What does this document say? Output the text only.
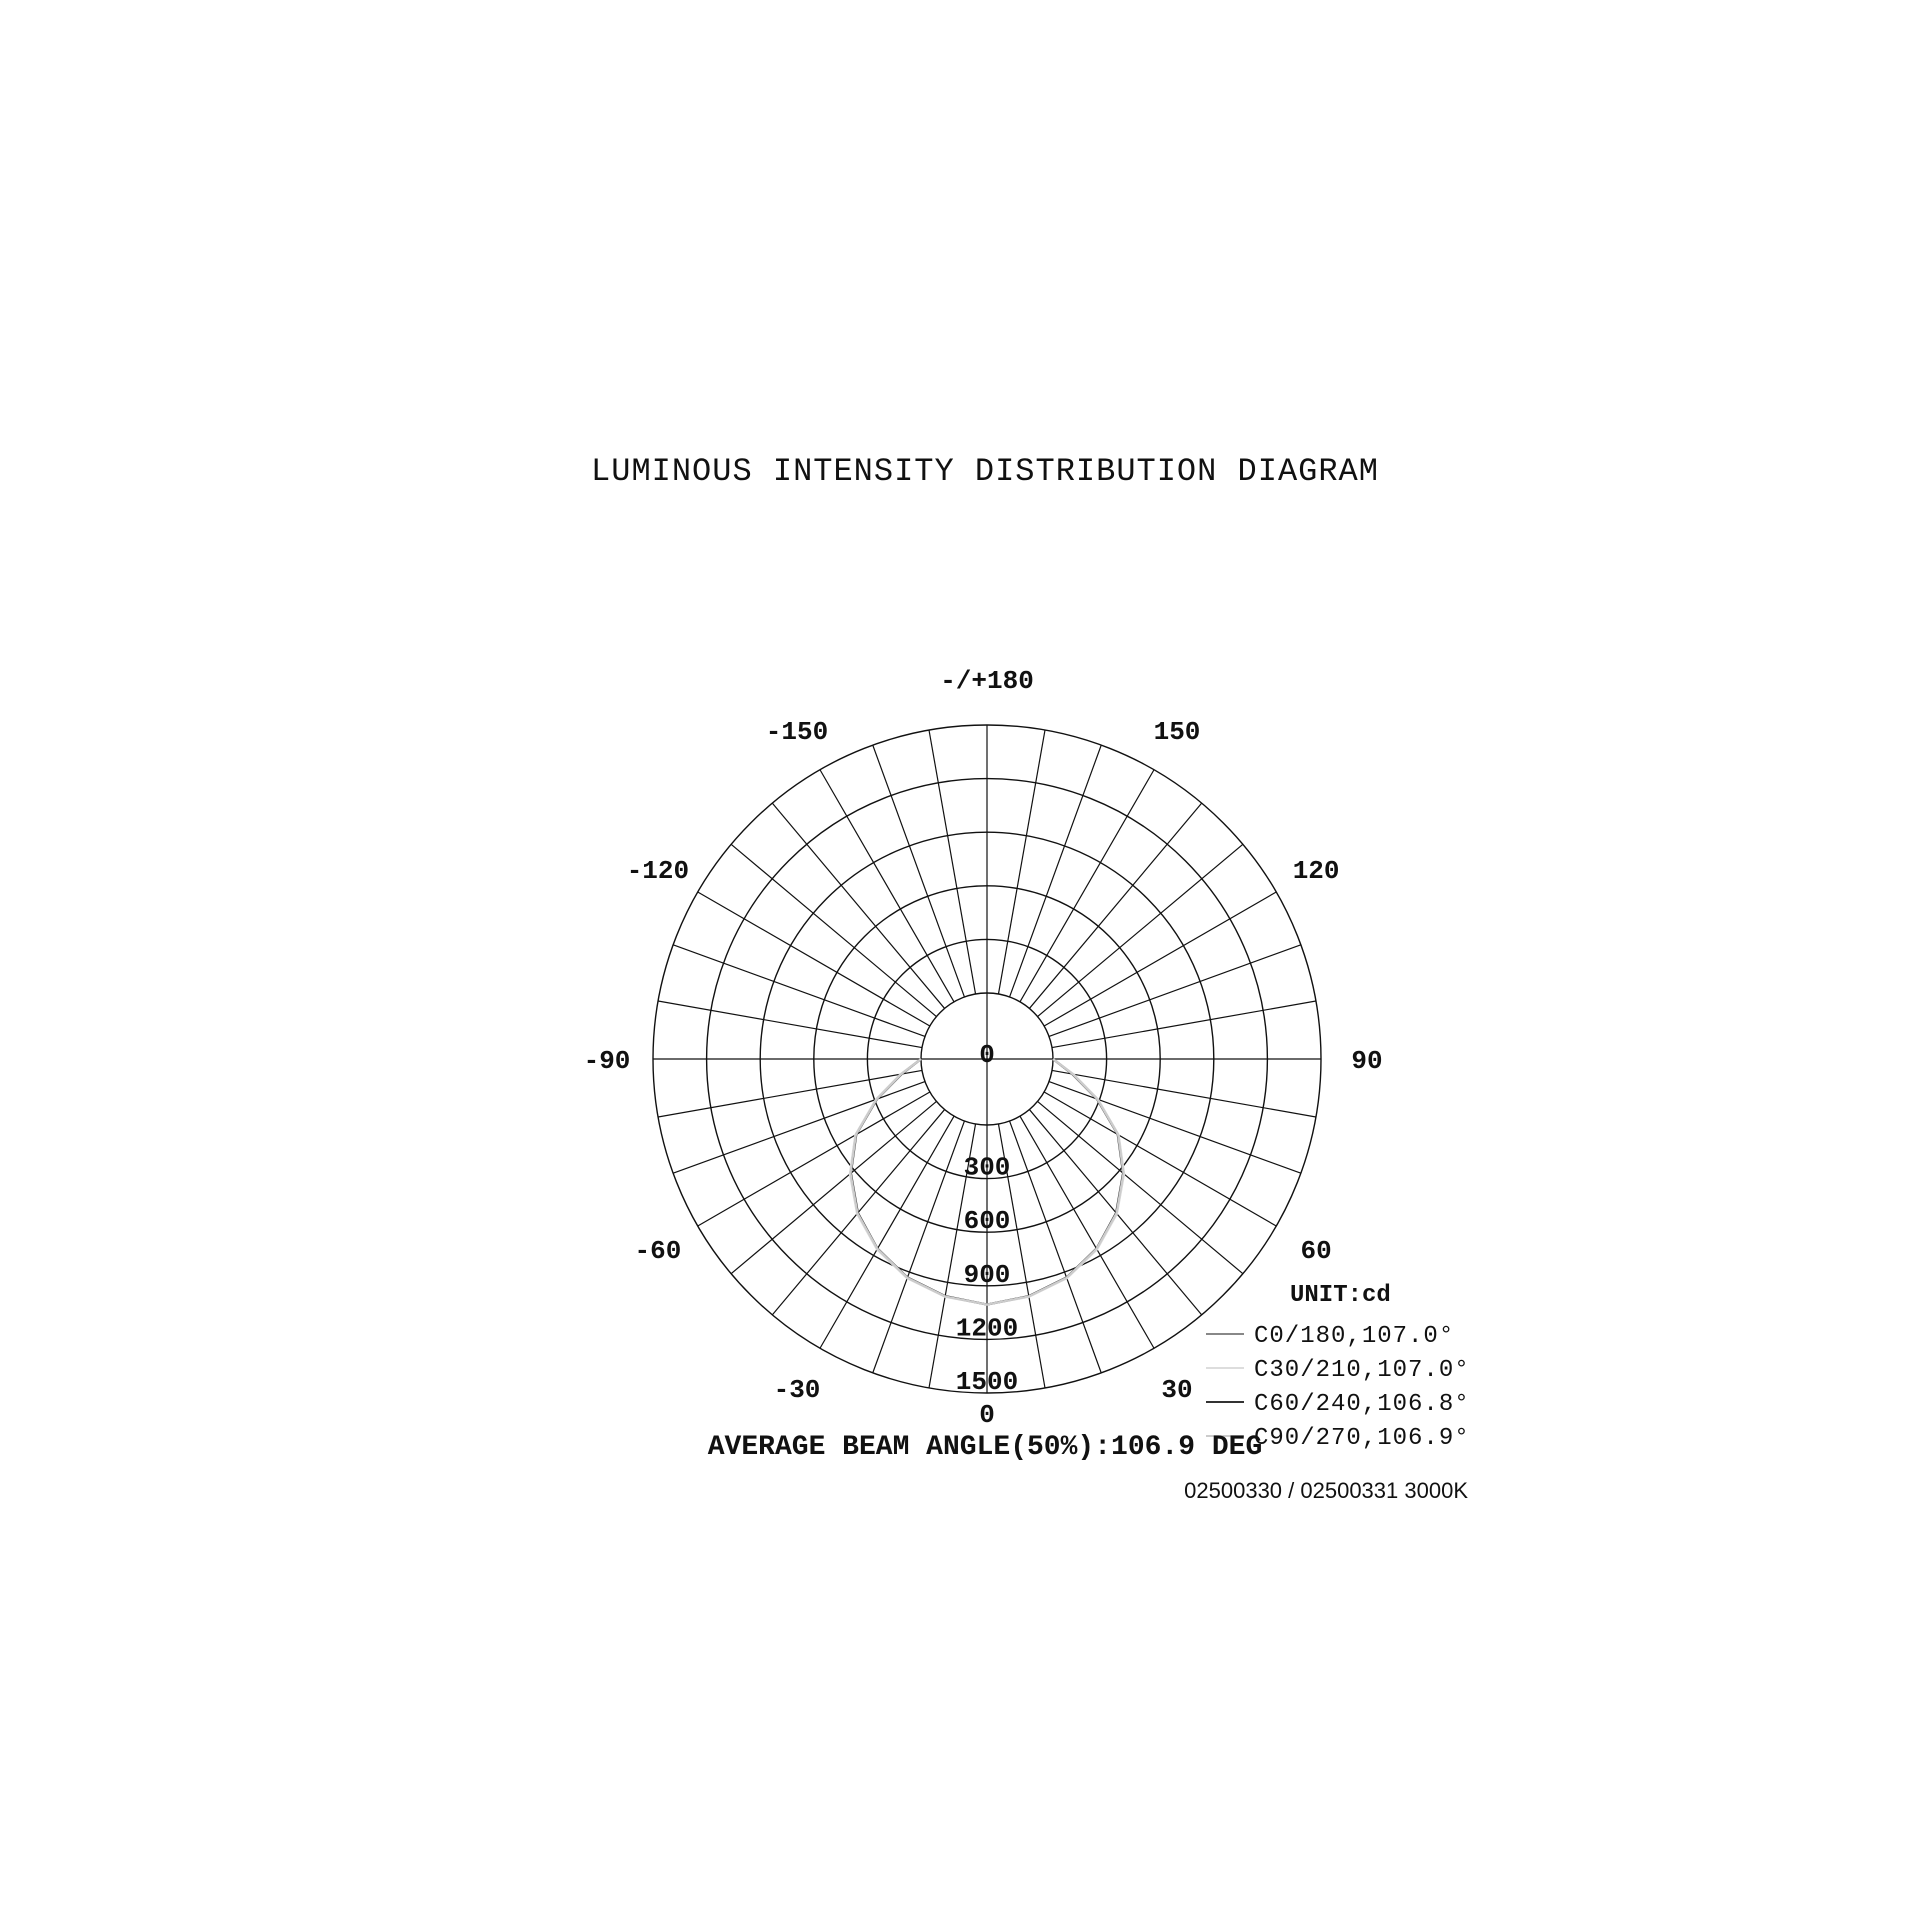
LUMINOUS INTENSITY DISTRIBUTION DIAGRAM
0
30
60
90
120
150
-/+180
-150
-120
-90
-60
-30
0
300
600
900
1200
1500
UNIT:cd
C0/180,107.0°
C30/210,107.0°
C60/240,106.8°
C90/270,106.9°
AVERAGE BEAM ANGLE(50%):106.9 DEG
02500330 / 02500331 3000K
